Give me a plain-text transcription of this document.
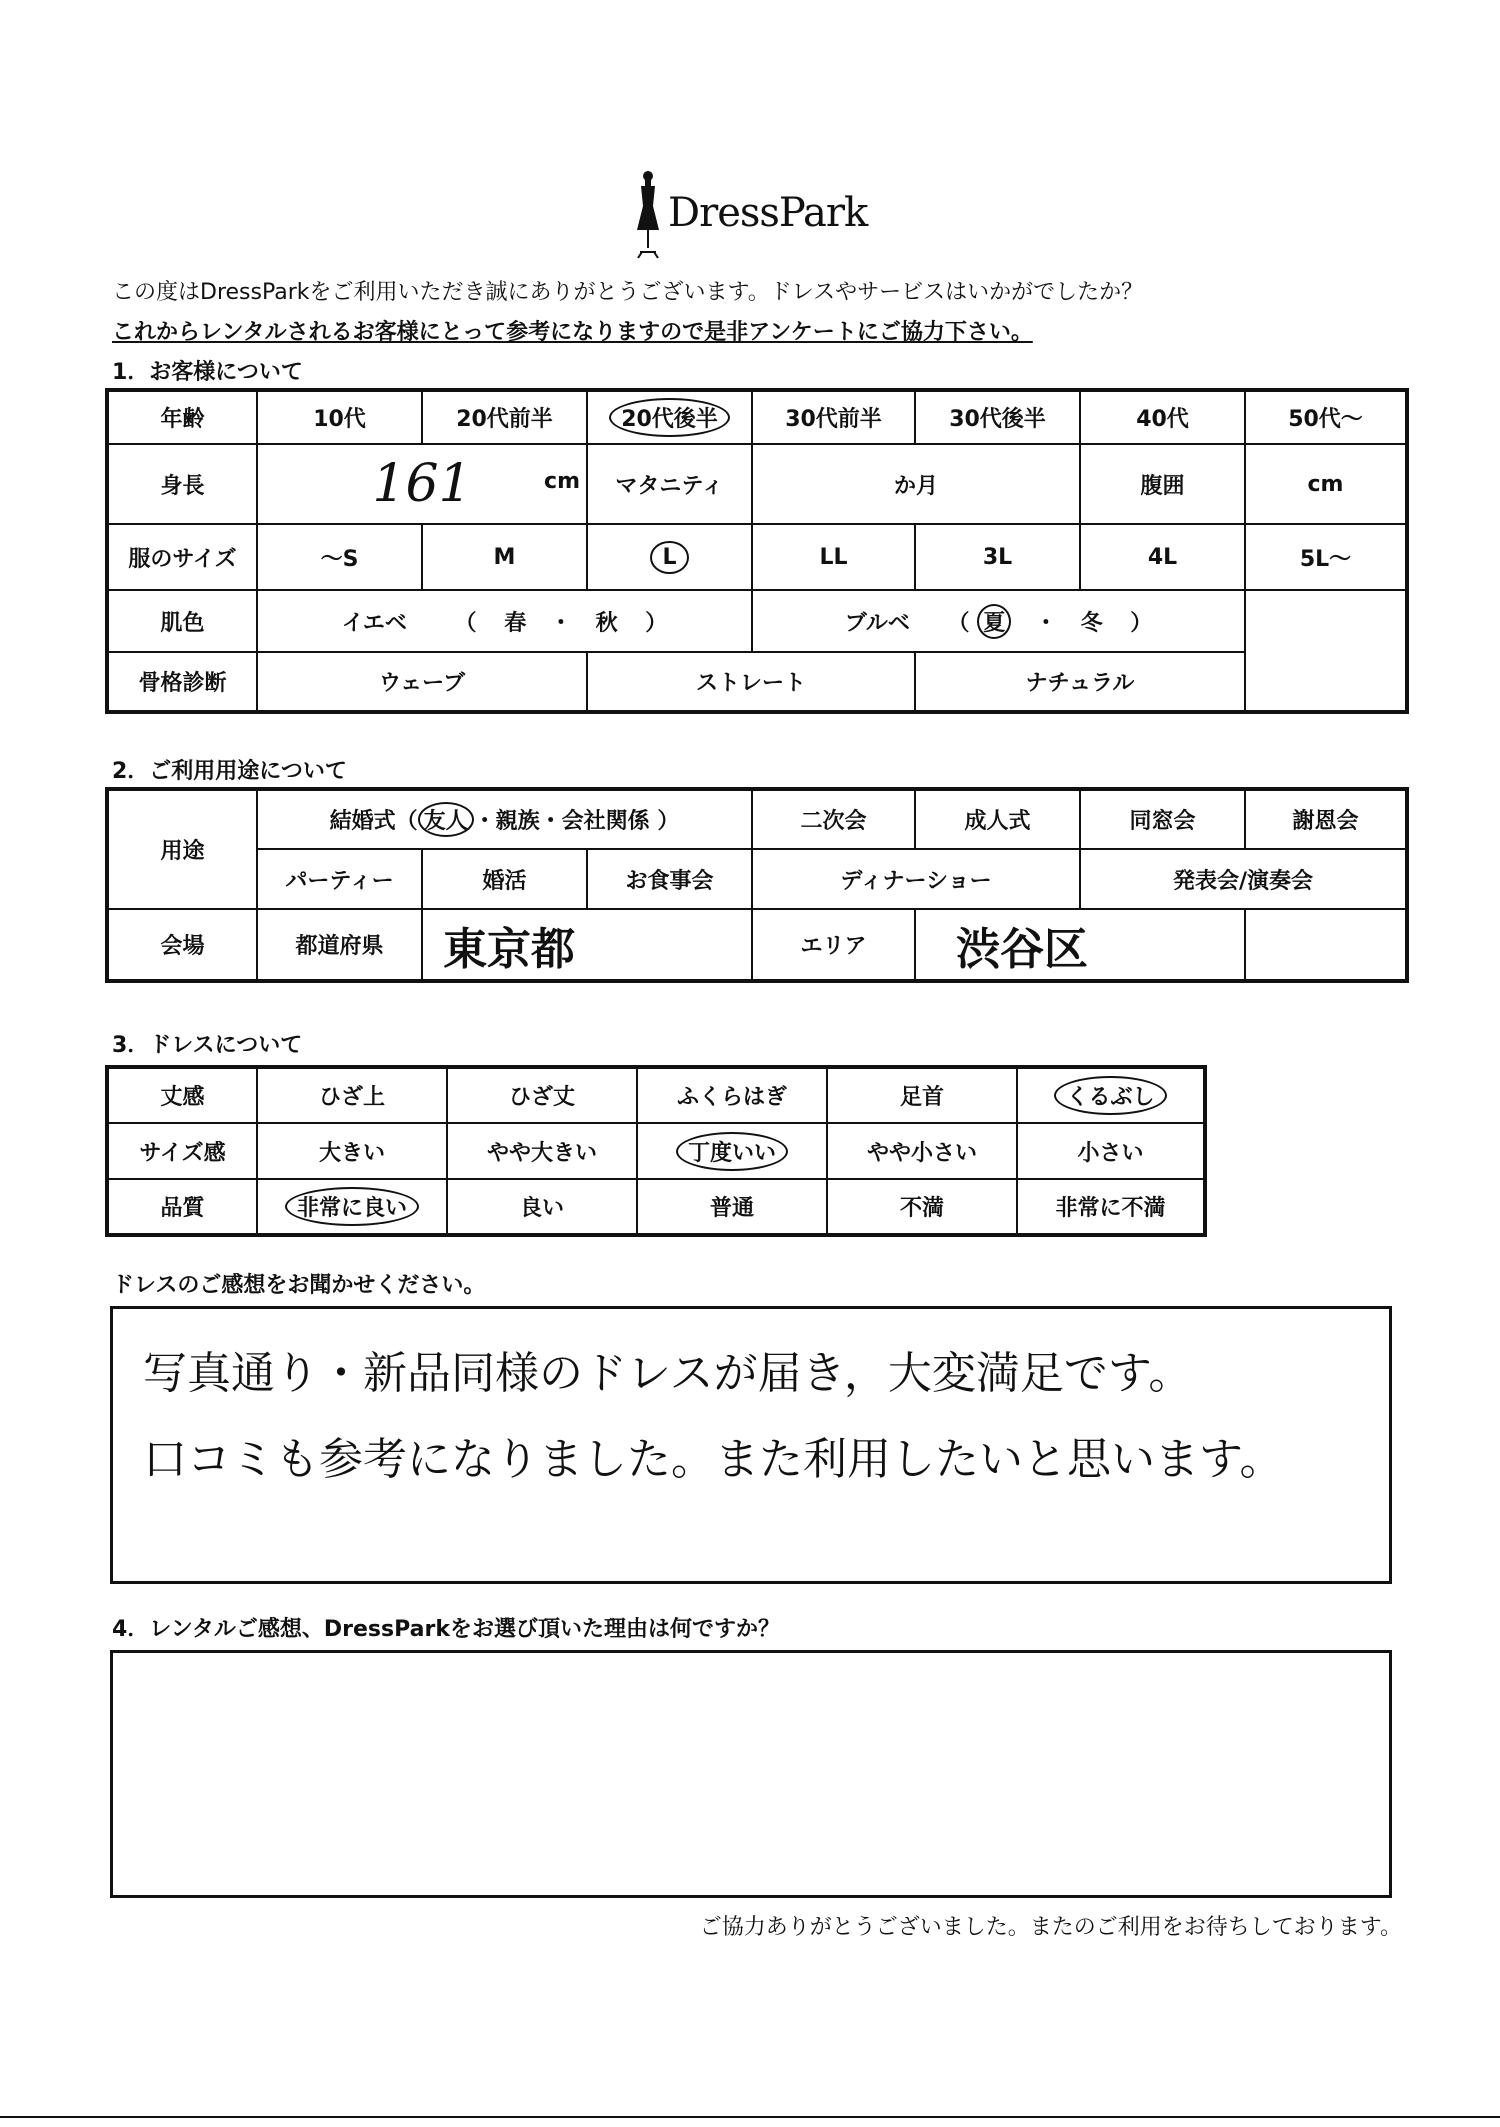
DressPark
この度はDressParkをご利用いただき誠にありがとうございます。ドレスやサービスはいかがでしたか？
これからレンタルされるお客様にとって参考になりますので是非アンケートにご協力下さい。
1．お客様について
年齢	10代	20代前半	20代後半	30代前半	30代後半	40代	50代～
身長	161 cm		マタニティ	か月		腹囲	cm
服のサイズ	～S	M	L	LL	3L	4L	5L～
肌色	イエベ （ 春 ・ 秋 ）			ブルベ （ 夏 ・ 冬 ）			
骨格診断	ウェーブ		ストレート		ナチュラル		
2．ご利用用途について
用途	結婚式（ 友人 ・親族・会社関係 ）			二次会	成人式	同窓会	謝恩会
	パーティー	婚活	お食事会	ディナーショー		発表会/演奏会	
会場	都道府県	東京都		エリア	渋谷区		
3．ドレスについて
丈感	ひざ上	ひざ丈	ふくらはぎ	足首	くるぶし
サイズ感	大きい	やや大きい	丁度いい	やや小さい	小さい
品質	非常に良い	良い	普通	不満	非常に不満
ドレスのご感想をお聞かせください。
写真通り・新品同様のドレスが届き，大変満足です。
口コミも参考になりました。また利用したいと思います。
4．レンタルご感想、DressParkをお選び頂いた理由は何ですか？
ご協力ありがとうございました。またのご利用をお待ちしております。
